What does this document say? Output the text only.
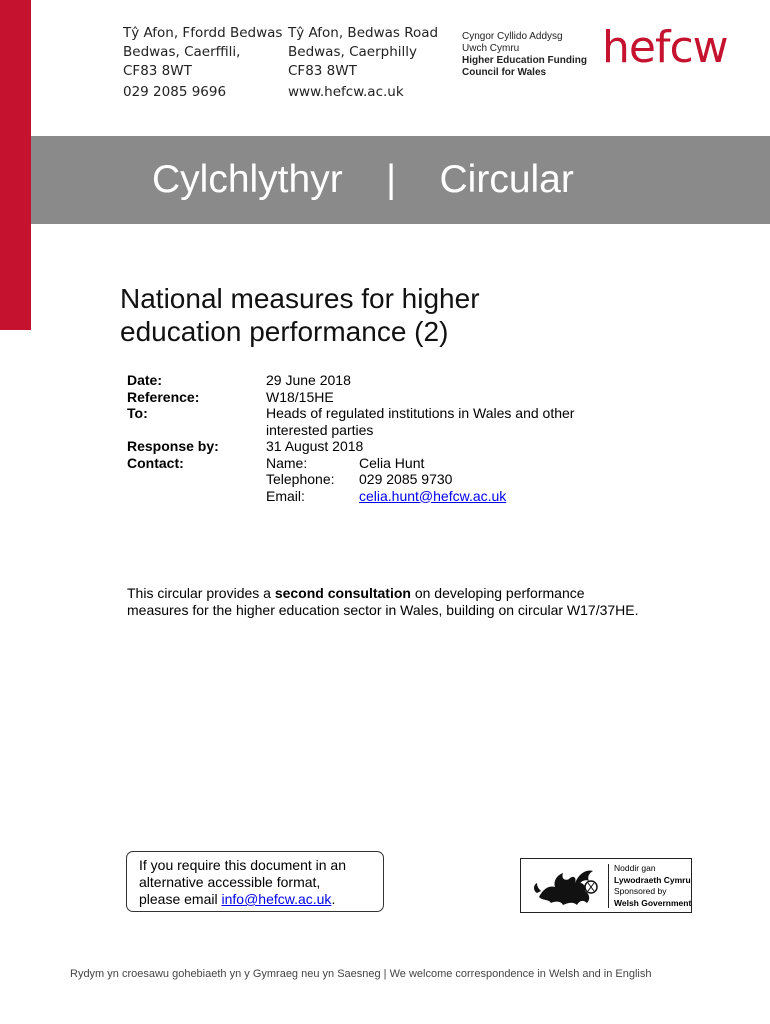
Tŷ Afon, Ffordd Bedwas
Bedwas, Caerffili,
CF83 8WT
Tŷ Afon, Bedwas Road
Bedwas, Caerphilly
CF83 8WT
029 2085 9696	www.hefcw.ac.uk
Cyngor Cyllido Addysg
Uwch Cymru
Higher Education Funding
Council for Wales	hefcw
Cylchlythyr    |    Circular
National measures for higher
education performance (2)
Date:	29 June 2018
Reference:	W18/15HE
To:	Heads of regulated institutions in Wales and other
interested parties
Response by:	31 August 2018
Contact:	Name:	Celia Hunt
Telephone:	029 2085 9730
Email:	celia.hunt@hefcw.ac.uk
This circular provides a second consultation on developing performance measures for the higher education sector in Wales, building on circular W17/37HE.
If you require this document in an
alternative accessible format,
please email info@hefcw.ac.uk.
Noddir gan
Lywodraeth Cymru
Sponsored by
Welsh Government
Rydym yn croesawu gohebiaeth yn y Gymraeg neu yn Saesneg | We welcome correspondence in Welsh and in English
